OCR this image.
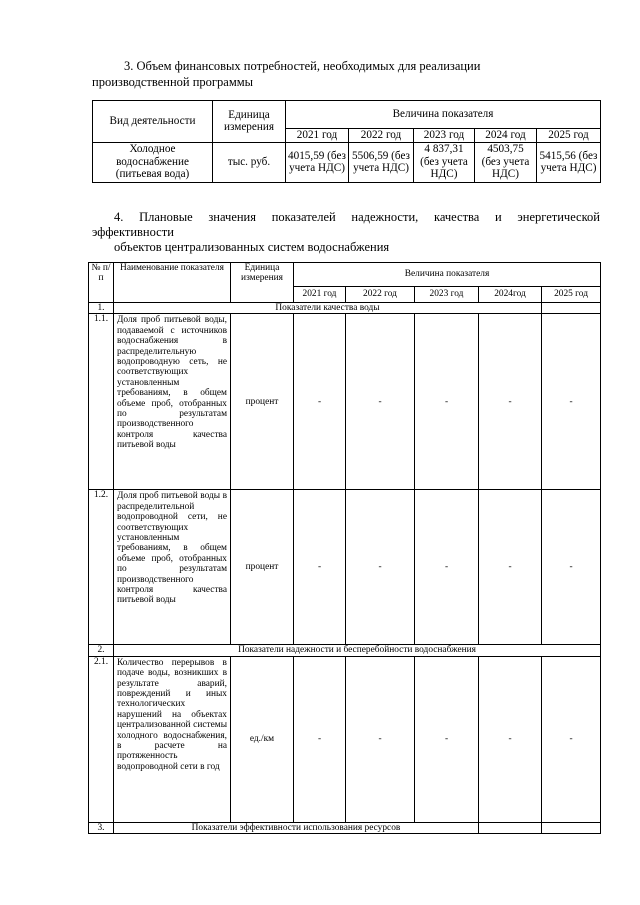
3. Объем финансовых потребностей, необходимых для реализации
производственной программы
Вид деятельности	Единица измерения	Величина показателя				
		2021 год	2022 год	2023 год	2024 год	2025 год
Холодное водоснабжение (питьевая вода)	тыс. руб.	4015,59 (без учета НДС)	5506,59 (без учета НДС)	4 837,31 (без учета НДС)	4503,75 (без учета НДС)	5415,56 (без учета НДС)
4. Плановые значения показателей надежности, качества и энергетической
эффективности
объектов централизованных систем водоснабжения
№ п/п	Наименование показателя	Единица измерения	Величина показателя				
			2021 год	2022 год	2023 год	2024год	2025 год
1.	Показатели качества воды						
1.1.	Доля проб питьевой воды, подаваемой с источников водоснабжения в распределительную водопроводную сеть, не соответствующих установленным требованиям, в общем объеме проб, отобранных по результатам производственного контроля качества питьевой воды	процент	-	-	-	-	-
1.2.	Доля проб питьевой воды в распределительной водопроводной сети, не соответствующих установленным требованиям, в общем объеме проб, отобранных по результатам производственного контроля качества питьевой воды	процент	-	-	-	-	-
2.	Показатели надежности и бесперебойности водоснабжения						
2.1.	Количество перерывов в подаче воды, возникших в результате аварий, повреждений и иных технологических нарушений на объектах централизованной системы холодного водоснабжения, в расчете на протяженность водопроводной сети в год	ед./км	-	-	-	-	-
3.	Показатели эффективности использования ресурсов						
